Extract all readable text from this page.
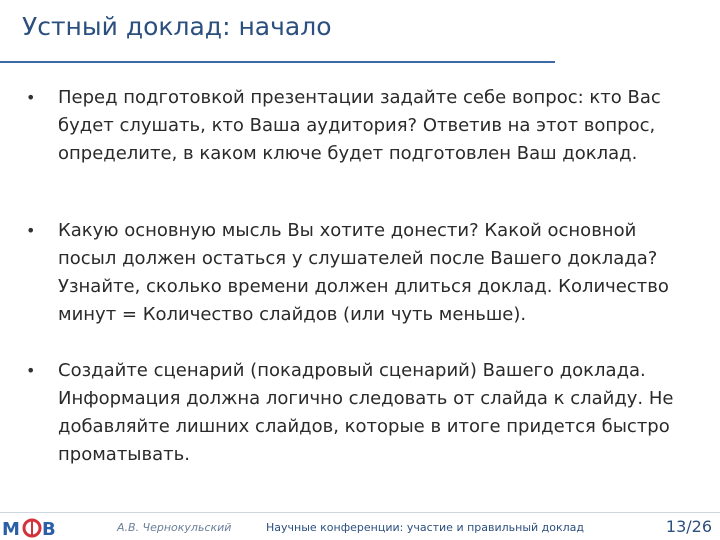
Устный доклад: начало
• Перед подготовкой презентации задайте себе вопрос: кто Вас будет слушать, кто Ваша аудитория? Ответив на этот вопрос, определите, в каком ключе будет подготовлен Ваш доклад.
• Какую основную мысль Вы хотите донести? Какой основной посыл должен остаться у слушателей после Вашего доклада? Узнайте, сколько времени должен длиться доклад. Количество минут = Количество слайдов (или чуть меньше).
• Создайте сценарий (покадровый сценарий) Вашего доклада. Информация должна логично следовать от слайда к слайду. Не добавляйте лишних слайдов, которые в итоге придется быстро проматывать.
М В	А.В. Чернокульский	Научные конференции: участие и правильный доклад	13/26
